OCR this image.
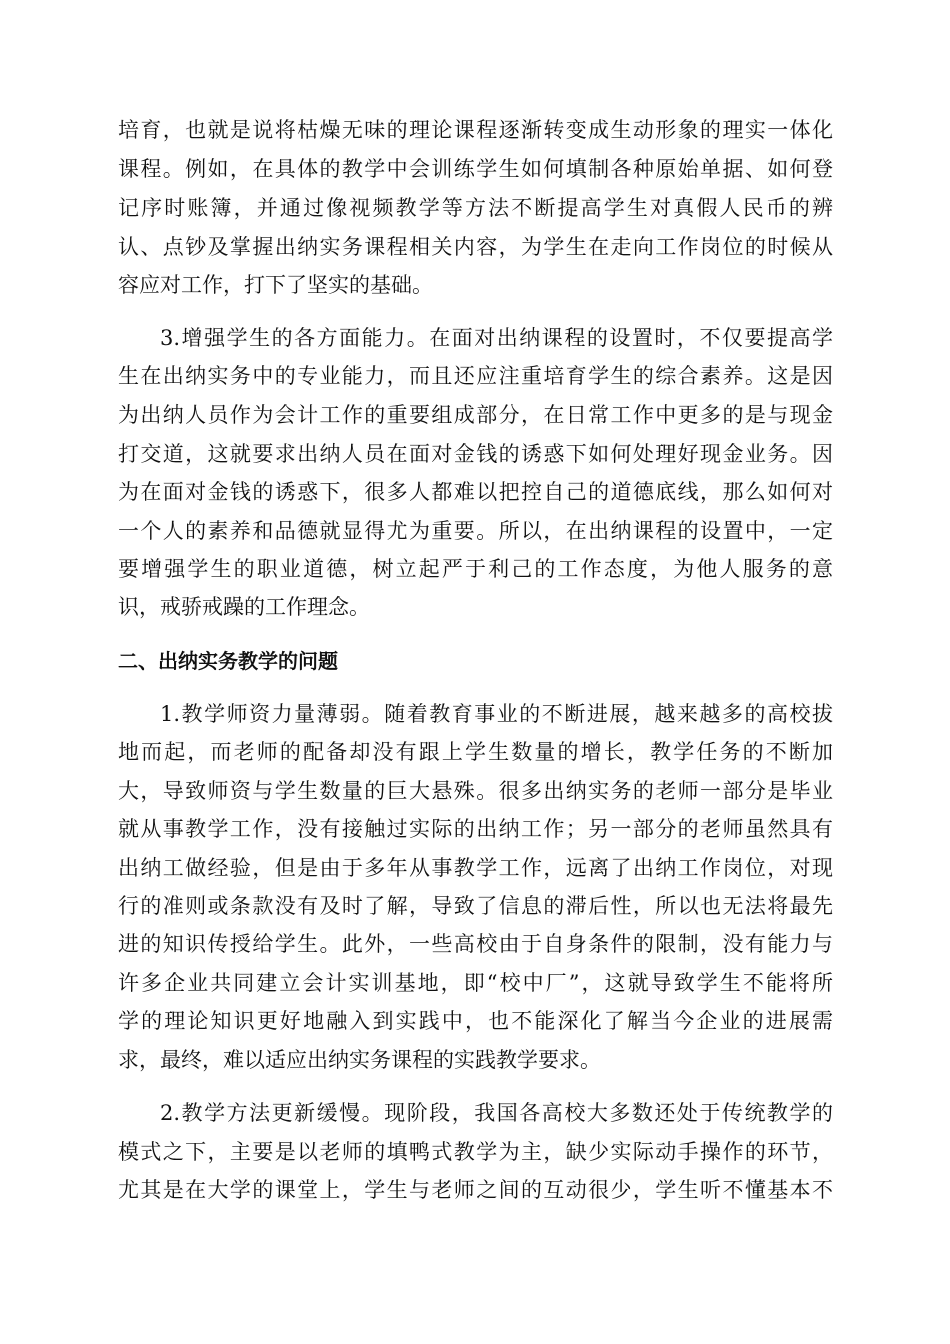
培育，也就是说将枯燥无味的理论课程逐渐转变成生动形象的理实一体化
课程。例如，在具体的教学中会训练学生如何填制各种原始单据、如何登
记序时账簿，并通过像视频教学等方法不断提高学生对真假人民币的辨
认、点钞及掌握出纳实务课程相关内容，为学生在走向工作岗位的时候从
容应对工作，打下了坚实的基础。
3.增强学生的各方面能力。在面对出纳课程的设置时，不仅要提高学
生在出纳实务中的专业能力，而且还应注重培育学生的综合素养。这是因
为出纳人员作为会计工作的重要组成部分，在日常工作中更多的是与现金
打交道，这就要求出纳人员在面对金钱的诱惑下如何处理好现金业务。因
为在面对金钱的诱惑下，很多人都难以把控自己的道德底线，那么如何对
一个人的素养和品德就显得尤为重要。所以，在出纳课程的设置中，一定
要增强学生的职业道德，树立起严于利己的工作态度，为他人服务的意
识，戒骄戒躁的工作理念。
二、出纳实务教学的问题
1.教学师资力量薄弱。随着教育事业的不断进展，越来越多的高校拔
地而起，而老师的配备却没有跟上学生数量的增长，教学任务的不断加
大，导致师资与学生数量的巨大悬殊。很多出纳实务的老师一部分是毕业
就从事教学工作，没有接触过实际的出纳工作；另一部分的老师虽然具有
出纳工做经验，但是由于多年从事教学工作，远离了出纳工作岗位，对现
行的准则或条款没有及时了解，导致了信息的滞后性，所以也无法将最先
进的知识传授给学生。此外，一些高校由于自身条件的限制，没有能力与
许多企业共同建立会计实训基地，即“校中厂”，这就导致学生不能将所
学的理论知识更好地融入到实践中，也不能深化了解当今企业的进展需
求，最终，难以适应出纳实务课程的实践教学要求。
2.教学方法更新缓慢。现阶段，我国各高校大多数还处于传统教学的
模式之下，主要是以老师的填鸭式教学为主，缺少实际动手操作的环节，
尤其是在大学的课堂上，学生与老师之间的互动很少，学生听不懂基本不
